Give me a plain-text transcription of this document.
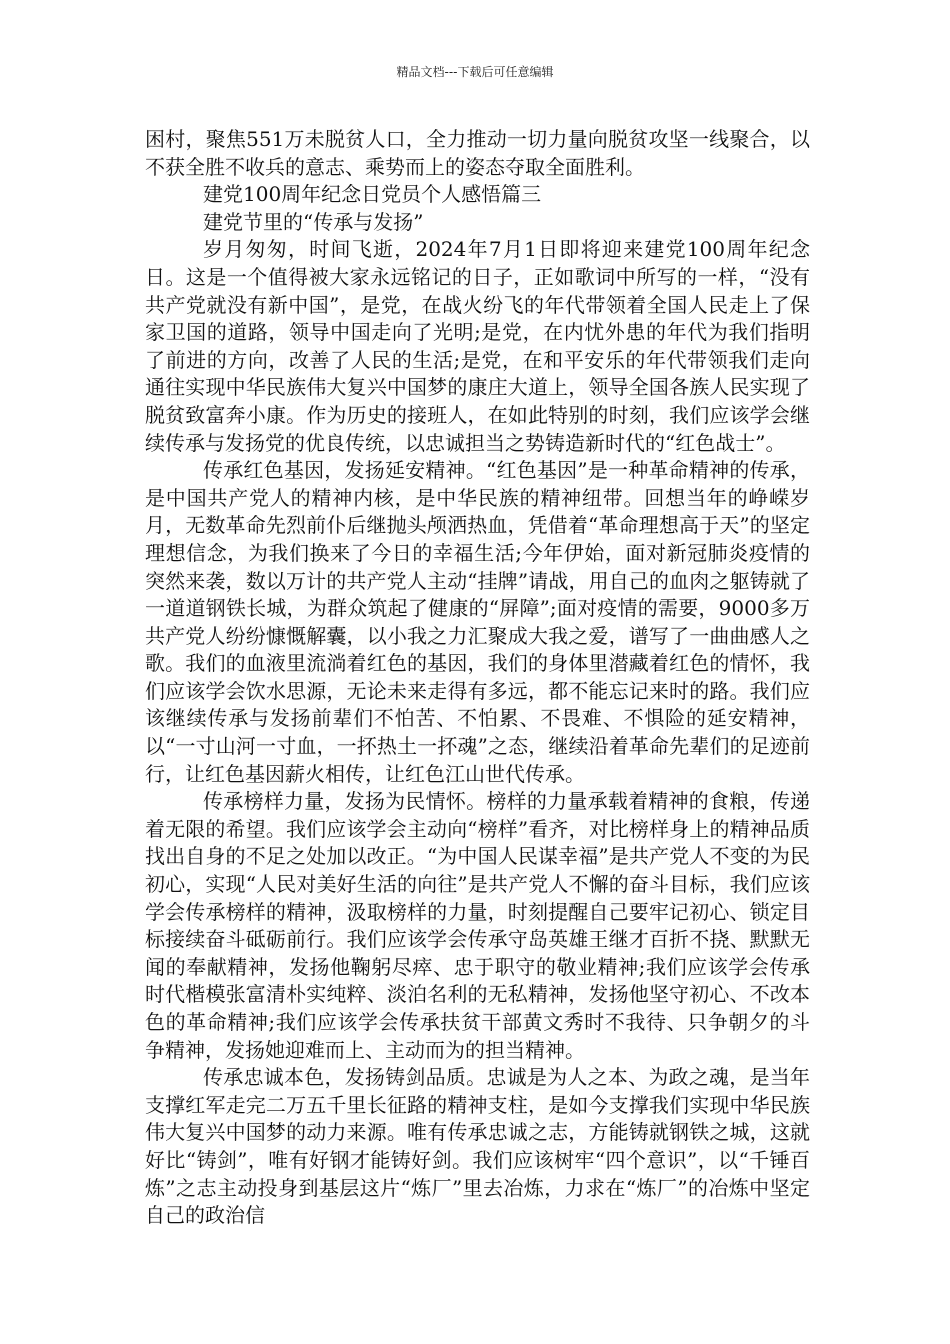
精品文档---下载后可任意编辑

困村，聚焦551万未脱贫人口，全力推动一切力量向脱贫攻坚一线聚合，以不获全胜不收兵的意志、乘势而上的姿态夺取全面胜利。

建党100周年纪念日党员个人感悟篇三

建党节里的“传承与发扬”

岁月匆匆，时间飞逝，2024年7月1日即将迎来建党100周年纪念日。这是一个值得被大家永远铭记的日子，正如歌词中所写的一样，“没有共产党就没有新中国”，是党，在战火纷飞的年代带领着全国人民走上了保家卫国的道路，领导中国走向了光明;是党，在内忧外患的年代为我们指明了前进的方向，改善了人民的生活;是党，在和平安乐的年代带领我们走向通往实现中华民族伟大复兴中国梦的康庄大道上，领导全国各族人民实现了脱贫致富奔小康。作为历史的接班人，在如此特别的时刻，我们应该学会继续传承与发扬党的优良传统，以忠诚担当之势铸造新时代的“红色战士”。

传承红色基因，发扬延安精神。“红色基因”是一种革命精神的传承，是中国共产党人的精神内核，是中华民族的精神纽带。回想当年的峥嵘岁月，无数革命先烈前仆后继抛头颅洒热血，凭借着“革命理想高于天”的坚定理想信念，为我们换来了今日的幸福生活;今年伊始，面对新冠肺炎疫情的突然来袭，数以万计的共产党人主动“挂牌”请战，用自己的血肉之躯铸就了一道道钢铁长城，为群众筑起了健康的“屏障”;面对疫情的需要，9000多万共产党人纷纷慷慨解囊，以小我之力汇聚成大我之爱，谱写了一曲曲感人之歌。我们的血液里流淌着红色的基因，我们的身体里潜藏着红色的情怀，我们应该学会饮水思源，无论未来走得有多远，都不能忘记来时的路。我们应该继续传承与发扬前辈们不怕苦、不怕累、不畏难、不惧险的延安精神，以“一寸山河一寸血，一抔热土一抔魂”之态，继续沿着革命先辈们的足迹前行，让红色基因薪火相传，让红色江山世代传承。

传承榜样力量，发扬为民情怀。榜样的力量承载着精神的食粮，传递着无限的希望。我们应该学会主动向“榜样”看齐，对比榜样身上的精神品质找出自身的不足之处加以改正。“为中国人民谋幸福”是共产党人不变的为民初心，实现“人民对美好生活的向往”是共产党人不懈的奋斗目标，我们应该学会传承榜样的精神，汲取榜样的力量，时刻提醒自己要牢记初心、锁定目标接续奋斗砥砺前行。我们应该学会传承守岛英雄王继才百折不挠、默默无闻的奉献精神，发扬他鞠躬尽瘁、忠于职守的敬业精神;我们应该学会传承时代楷模张富清朴实纯粹、淡泊名利的无私精神，发扬他坚守初心、不改本色的革命精神;我们应该学会传承扶贫干部黄文秀时不我待、只争朝夕的斗争精神，发扬她迎难而上、主动而为的担当精神。

传承忠诚本色，发扬铸剑品质。忠诚是为人之本、为政之魂，是当年支撑红军走完二万五千里长征路的精神支柱，是如今支撑我们实现中华民族伟大复兴中国梦的动力来源。唯有传承忠诚之志，方能铸就钢铁之城，这就好比“铸剑”，唯有好钢才能铸好剑。我们应该树牢“四个意识”，以“千锤百炼”之志主动投身到基层这片“炼厂”里去冶炼，力求在“炼厂”的冶炼中坚定自己的政治信
